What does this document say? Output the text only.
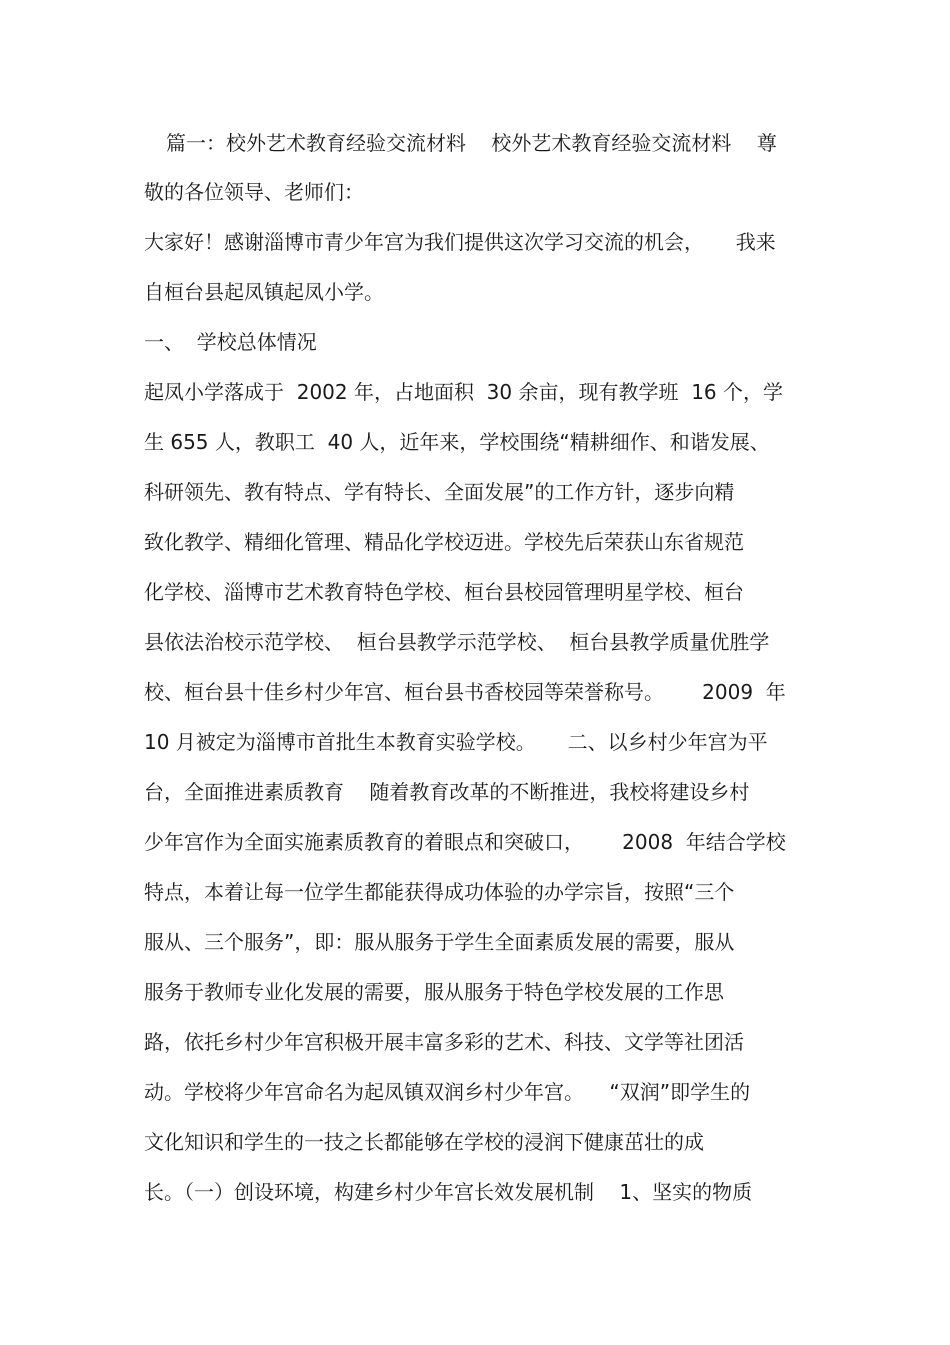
篇一：校外艺术教育经验交流材料    校外艺术教育经验交流材料    尊
敬的各位领导、老师们：
大家好！感谢淄博市青少年宫为我们提供这次学习交流的机会，     我来
自桓台县起凤镇起凤小学。
一、  学校总体情况
起凤小学落成于  2002 年，占地面积  30 余亩，现有教学班  16 个，学
生 655 人，教职工  40 人，近年来，学校围绕“精耕细作、和谐发展、
科研领先、教有特点、学有特长、全面发展”的工作方针，逐步向精
致化教学、精细化管理、精品化学校迈进。学校先后荣获山东省规范
化学校、淄博市艺术教育特色学校、桓台县校园管理明星学校、桓台
县依法治校示范学校、  桓台县教学示范学校、  桓台县教学质量优胜学
校、桓台县十佳乡村少年宫、桓台县书香校园等荣誉称号。      2009  年
10 月被定为淄博市首批生本教育实验学校。     二、以乡村少年宫为平
台，全面推进素质教育    随着教育改革的不断推进，我校将建设乡村
少年宫作为全面实施素质教育的着眼点和突破口，      2008  年结合学校
特点，本着让每一位学生都能获得成功体验的办学宗旨，按照“三个
服从、三个服务”，即：服从服务于学生全面素质发展的需要，服从
服务于教师专业化发展的需要，服从服务于特色学校发展的工作思
路，依托乡村少年宫积极开展丰富多彩的艺术、科技、文学等社团活
动。学校将少年宫命名为起凤镇双润乡村少年宫。    “双润”即学生的
文化知识和学生的一技之长都能够在学校的浸润下健康茁壮的成
长。（一）创设环境，构建乡村少年宫长效发展机制    1、坚实的物质
